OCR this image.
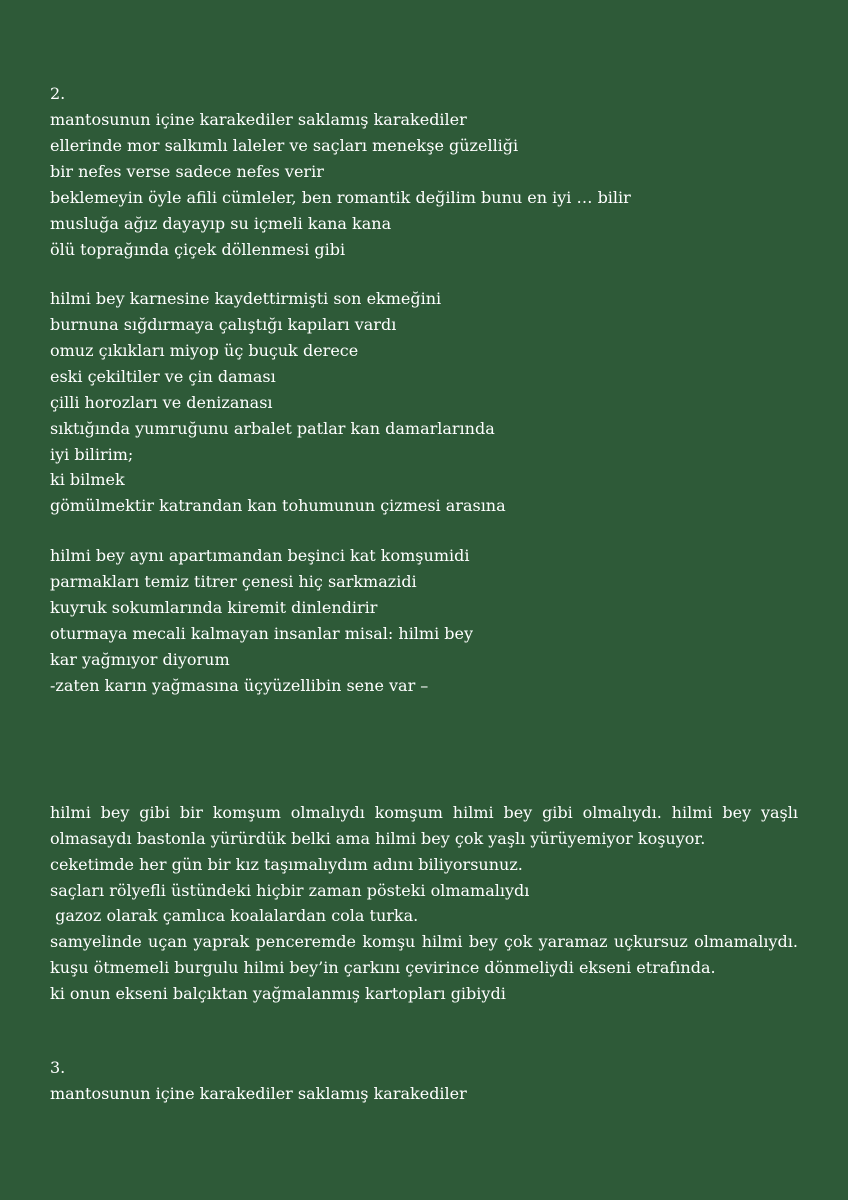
2.

mantosunun içine karakediler saklamış karakediler

ellerinde mor salkımlı laleler ve saçları menekşe güzelliği

bir nefes verse sadece nefes verir

beklemeyin öyle afili cümleler, ben romantik değilim bunu en iyi … bilir

musluğa ağız dayayıp su içmeli kana kana

ölü toprağında çiçek döllenmesi gibi

hilmi bey karnesine kaydettirmişti son ekmeğini

burnuna sığdırmaya çalıştığı kapıları vardı

omuz çıkıkları miyop üç buçuk derece

eski çekiltiler ve çin daması

çilli horozları ve denizanası

sıktığında yumruğunu arbalet patlar kan damarlarında

iyi bilirim;

ki bilmek

gömülmektir katrandan kan tohumunun çizmesi arasına

hilmi bey aynı apartımandan beşinci kat komşumidi

parmakları temiz titrer çenesi hiç sarkmazidi

kuyruk sokumlarında kiremit dinlendirir

oturmaya mecali kalmayan insanlar misal: hilmi bey

kar yağmıyor diyorum

-zaten karın yağmasına üçyüzellibin sene var –

hilmi bey gibi bir komşum olmalıydı komşum hilmi bey gibi olmalıydı. hilmi bey yaşlı

olmasaydı bastonla yürürdük belki ama hilmi bey çok yaşlı yürüyemiyor koşuyor.

ceketimde her gün bir kız taşımalıydım adını biliyorsunuz.

saçları rölyefli üstündeki hiçbir zaman pösteki olmamalıydı

gazoz olarak çamlıca koalalardan cola turka.

samyelinde uçan yaprak penceremde komşu hilmi bey çok yaramaz uçkursuz olmamalıydı.

kuşu ötmemeli burgulu hilmi bey’in çarkını çevirince dönmeliydi ekseni etrafında.

ki onun ekseni balçıktan yağmalanmış kartopları gibiydi

3.

mantosunun içine karakediler saklamış karakediler
